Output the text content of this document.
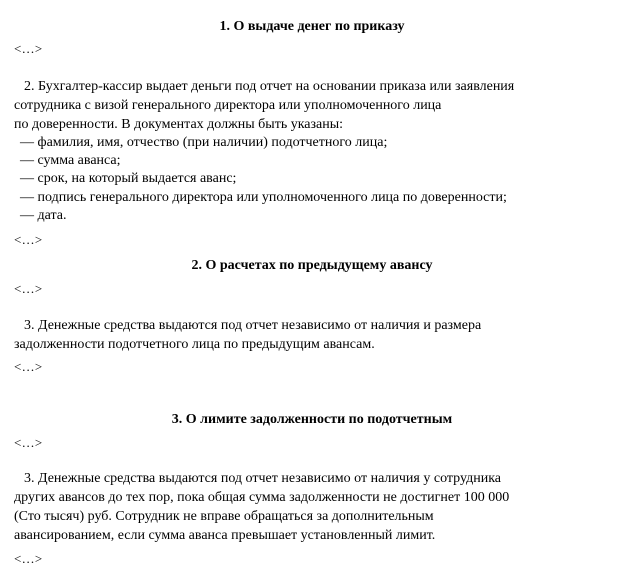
1. О выдаче денег по приказу
<…>
2. Бухгалтер-кассир выдает деньги под отчет на основании приказа или заявления
сотрудника с визой генерального директора или уполномоченного лица
по доверенности. В документах должны быть указаны:
— фамилия, имя, отчество (при наличии) подотчетного лица;
— сумма аванса;
— срок, на который выдается аванс;
— подпись генерального директора или уполномоченного лица по доверенности;
— дата.
<…>
2. О расчетах по предыдущему авансу
<…>
3. Денежные средства выдаются под отчет независимо от наличия и размера
задолженности подотчетного лица по предыдущим авансам.
<…>
3. О лимите задолженности по подотчетным
<…>
3. Денежные средства выдаются под отчет независимо от наличия у сотрудника
других авансов до тех пор, пока общая сумма задолженности не достигнет 100 000
(Сто тысяч) руб. Сотрудник не вправе обращаться за дополнительным
авансированием, если сумма аванса превышает установленный лимит.
<…>
